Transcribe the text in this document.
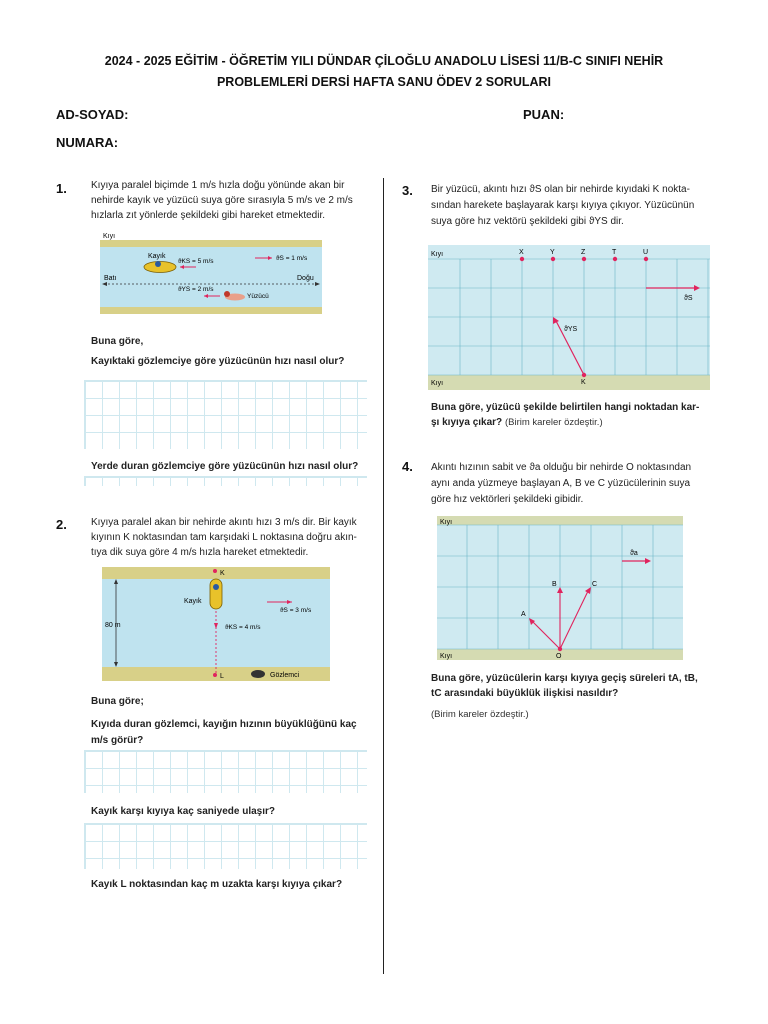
2024 - 2025 EĞİTİM - ÖĞRETİM YILI DÜNDAR ÇİLOĞLU ANADOLU LİSESİ 11/B-C SINIFI NEHİR
PROBLEMLERİ DERSİ HAFTA SANU ÖDEV 2 SORULARI
AD-SOYAD:	PUAN:
NUMARA:
1. Kıyıya paralel biçimde 1 m/s hızla doğu yönünde akan bir
nehirde kayık ve yüzücü suya göre sırasıyla 5 m/s ve 2 m/s
hızlarla zıt yönlerde şekildeki gibi hareket etmektedir.
Kıyı
Kayık
ϑKS = 5 m/s	ϑS = 1 m/s
Batı	Doğu
ϑYS = 2 m/s
Yüzücü
Buna göre,
Kayıktaki gözlemciye göre yüzücünün hızı nasıl olur?
Yerde duran gözlemciye göre yüzücünün hızı nasıl olur?
2. Kıyıya paralel akan bir nehirde akıntı hızı 3 m/s dir. Bir kayık
kıyının K noktasından tam karşıdaki L noktasına doğru akın-
tıya dik suya göre 4 m/s hızla hareket etmektedir.
K
Kayık
ϑKS = 4 m/s
ϑS = 3 m/s
80 m
L	Gözlemci
Buna göre;
Kıyıda duran gözlemci, kayığın hızının büyüklüğünü kaç
m/s görür?
Kayık karşı kıyıya kaç saniyede ulaşır?
Kayık L noktasından kaç m uzakta karşı kıyıya çıkar?
3. Bir yüzücü, akıntı hızı ϑS olan bir nehirde kıyıdaki K nokta-
sından harekete başlayarak karşı kıyıya çıkıyor. Yüzücünün
suya göre hız vektörü şekildeki gibi ϑYS dir.
Kıyı
Kıyı
X	Y	Z	T	U
ϑS
K
ϑYS
Buna göre, yüzücü şekilde belirtilen hangi noktadan kar-
şı kıyıya çıkar? (Birim kareler özdeştir.)
4. Akıntı hızının sabit ve ϑa olduğu bir nehirde O noktasından
aynı anda yüzmeye başlayan A, B ve C yüzücülerinin suya
göre hız vektörleri şekildeki gibidir.
Kıyı
Kıyı
ϑa
O
A
B	C
Buna göre, yüzücülerin karşı kıyıya geçiş süreleri tA, tB,
tC arasındaki büyüklük ilişkisi nasıldır?
(Birim kareler özdeştir.)
